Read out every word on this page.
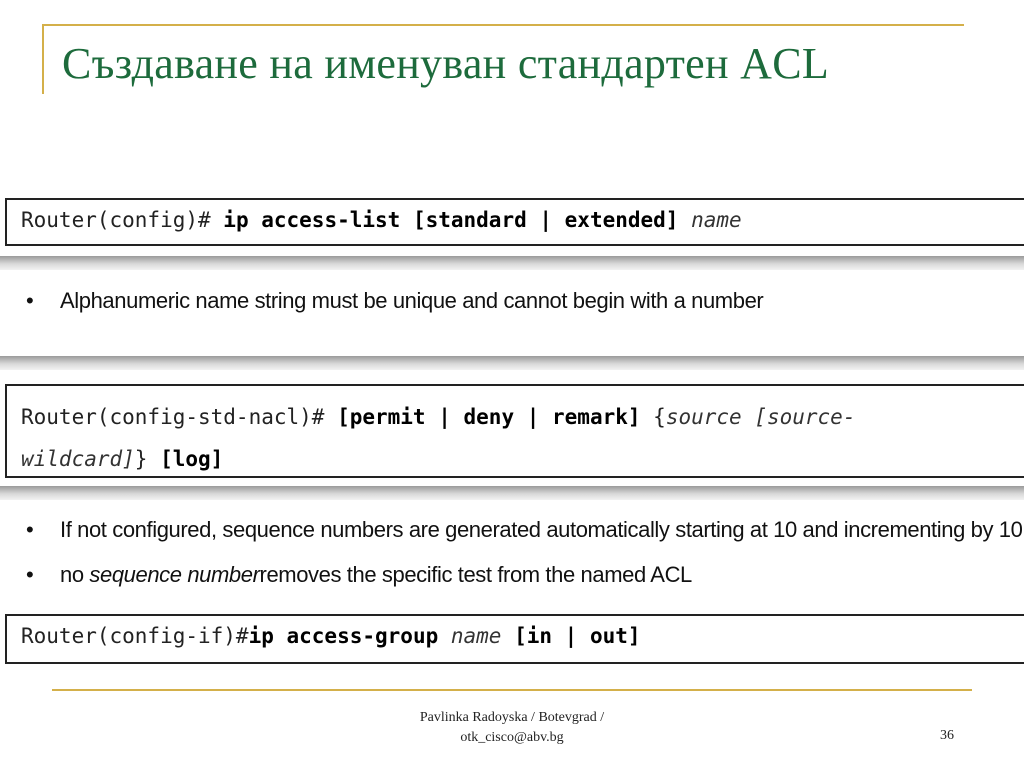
Създаване на именуван стандартен ACL
Router(config)# ip access-list [standard | extended] name
• Alphanumeric name string must be unique and cannot begin with a number
Router(config-std-nacl)# [permit | deny | remark] {source [source-
wildcard]} [log]
• If not configured, sequence numbers are generated automatically starting at 10 and incrementing by 10
• no sequence numberremoves the specific test from the named ACL
Router(config-if)#ip access-group name [in | out]
Pavlinka Radoyska / Botevgrad /
otk_cisco@abv.bg	36
